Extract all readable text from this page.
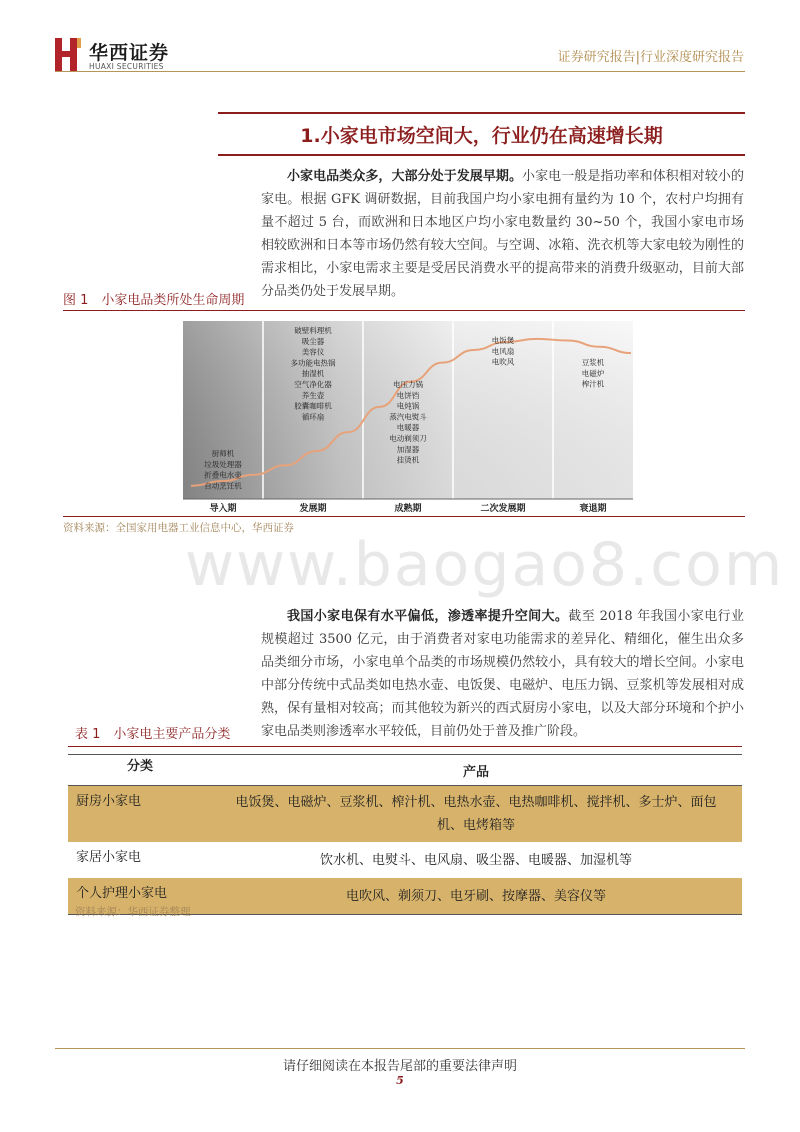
华西证券
HUAXI SECURITIES
证券研究报告|行业深度研究报告
1.小家电市场空间大，行业仍在高速增长期
小家电品类众多，大部分处于发展早期。小家电一般是指功率和体积相对较小的家电。根据 GFK 调研数据，目前我国户均小家电拥有量约为 10 个，农村户均拥有量不超过 5 台，而欧洲和日本地区户均小家电数量约 30~50 个，我国小家电市场相较欧洲和日本等市场仍然有较大空间。与空调、冰箱、洗衣机等大家电较为刚性的需求相比，小家电需求主要是受居民消费水平的提高带来的消费升级驱动，目前大部分品类仍处于发展早期。
图 1　小家电品类所处生命周期
厨师机
垃圾处理器
折叠电水壶
自动烹饪机
破壁料理机
吸尘器
美容仪
多功能电热锅
抽湿机
空气净化器
养生壶
胶囊咖啡机
循环扇
电压力锅
电饼铛
电炖锅
蒸汽电熨斗
电暖器
电动剃须刀
加湿器
挂烫机
电饭煲
电风扇
电吹风	豆浆机
电磁炉
榨汁机
导入期	发展期	成熟期	二次发展期	衰退期
资料来源：全国家用电器工业信息中心，华西证券
www.baogao8.com
我国小家电保有水平偏低，渗透率提升空间大。截至 2018 年我国小家电行业规模超过 3500 亿元，由于消费者对家电功能需求的差异化、精细化，催生出众多品类细分市场，小家电单个品类的市场规模仍然较小，具有较大的增长空间。小家电中部分传统中式品类如电热水壶、电饭煲、电磁炉、电压力锅、豆浆机等发展相对成熟，保有量相对较高；而其他较为新兴的西式厨房小家电，以及大部分环境和个护小家电品类则渗透率水平较低，目前仍处于普及推广阶段。
表 1　小家电主要产品分类
分类	产品
厨房小家电	电饭煲、电磁炉、豆浆机、榨汁机、电热水壶、电热咖啡机、搅拌机、多士炉、面包机、电烤箱等
家居小家电	饮水机、电熨斗、电风扇、吸尘器、电暖器、加湿机等
个人护理小家电	电吹风、剃须刀、电牙刷、按摩器、美容仪等
资料来源：华西证券整理
请仔细阅读在本报告尾部的重要法律声明
5
